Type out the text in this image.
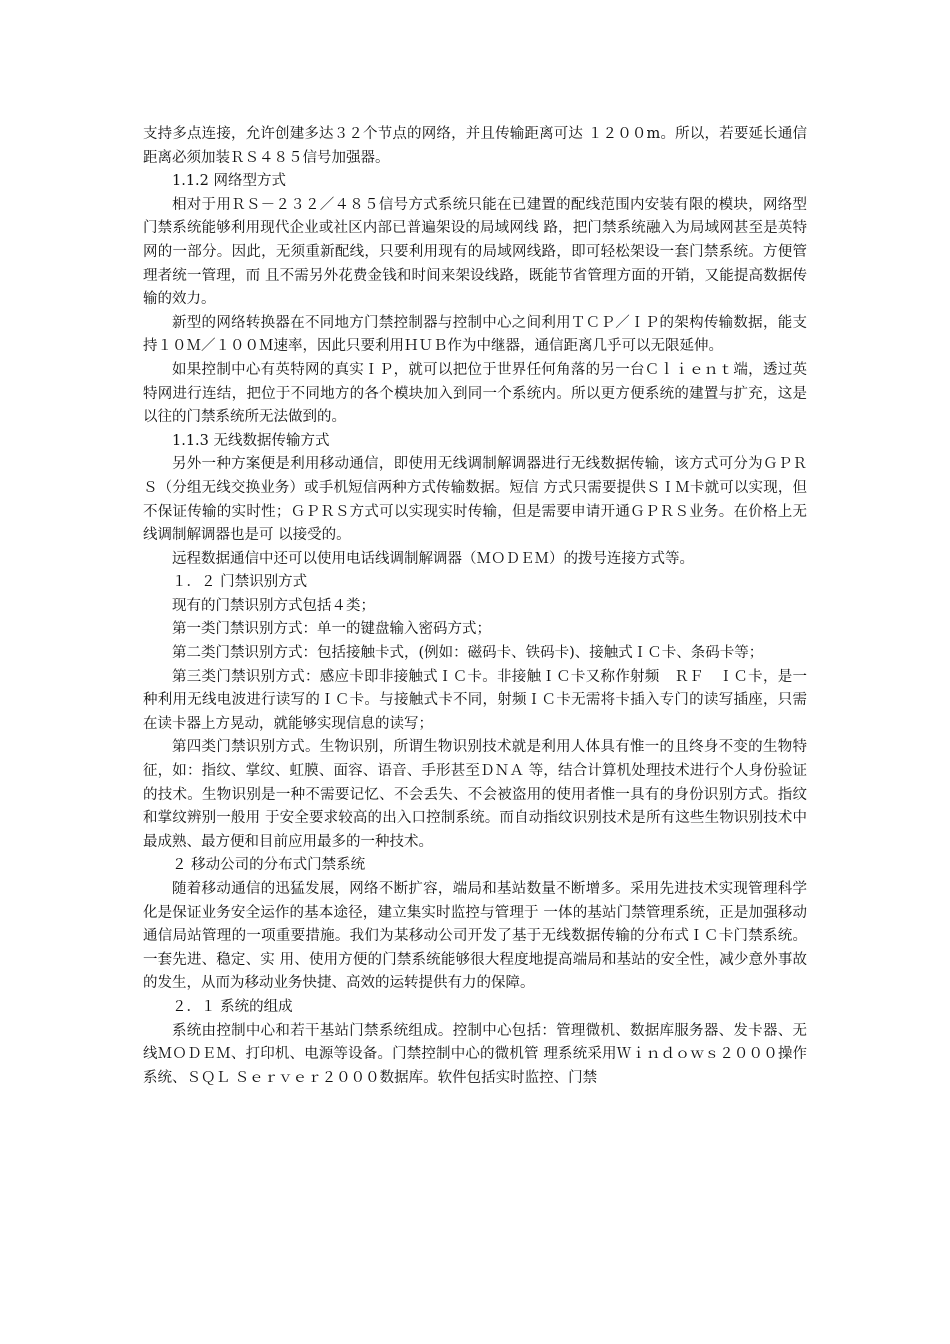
支持多点连接，允许创建多达３２个节点的网络，并且传输距离可达 １２００m。所以，若要延长通信距离必须加装ＲＳ４８５信号加强器。

1.1.2 网络型方式

相对于用ＲＳ－２３２／４８５信号方式系统只能在已建置的配线范围内安装有限的模块，网络型门禁系统能够利用现代企业或社区内部已普遍架设的局域网线 路，把门禁系统融入为局域网甚至是英特网的一部分。因此，无须重新配线，只要利用现有的局域网线路，即可轻松架设一套门禁系统。方便管理者统一管理，而 且不需另外花费金钱和时间来架设线路，既能节省管理方面的开销，又能提高数据传输的效力。

新型的网络转换器在不同地方门禁控制器与控制中心之间利用ＴＣＰ／ＩＰ的架构传输数据，能支持１０Ｍ／１００Ｍ速率，因此只要利用ＨＵＢ作为中继器，通信距离几乎可以无限延伸。

如果控制中心有英特网的真实ＩＰ，就可以把位于世界任何角落的另一台Ｃｌｉｅｎｔ端，透过英特网进行连结，把位于不同地方的各个模块加入到同一个系统内。所以更方便系统的建置与扩充，这是以往的门禁系统所无法做到的。

1.1.3 无线数据传输方式

另外一种方案便是利用移动通信，即使用无线调制解调器进行无线数据传输，该方式可分为ＧＰＲＳ（分组无线交换业务）或手机短信两种方式传输数据。短信 方式只需要提供ＳＩＭ卡就可以实现，但不保证传输的实时性；ＧＰＲＳ方式可以实现实时传输，但是需要申请开通ＧＰＲＳ业务。在价格上无线调制解调器也是可 以接受的。

远程数据通信中还可以使用电话线调制解调器（ＭＯＤＥＭ）的拨号连接方式等。

１．２ 门禁识别方式

现有的门禁识别方式包括４类；

第一类门禁识别方式：单一的键盘输入密码方式；

第二类门禁识别方式：包括接触卡式，(例如：磁码卡、铁码卡)、接触式ＩＣ卡、条码卡等；

第三类门禁识别方式：感应卡即非接触式ＩＣ卡。非接触ＩＣ卡又称作射频　ＲＦ　ＩＣ卡，是一种利用无线电波进行读写的ＩＣ卡。与接触式卡不同，射频ＩＣ卡无需将卡插入专门的读写插座，只需在读卡器上方晃动，就能够实现信息的读写；

第四类门禁识别方式。生物识别，所谓生物识别技术就是利用人体具有惟一的且终身不变的生物特征，如：指纹、掌纹、虹膜、面容、语音、手形甚至ＤＮＡ 等，结合计算机处理技术进行个人身份验证的技术。生物识别是一种不需要记忆、不会丢失、不会被盗用的使用者惟一具有的身份识别方式。指纹和掌纹辨别一般用 于安全要求较高的出入口控制系统。而自动指纹识别技术是所有这些生物识别技术中最成熟、最方便和目前应用最多的一种技术。

２ 移动公司的分布式门禁系统

随着移动通信的迅猛发展，网络不断扩容，端局和基站数量不断增多。采用先进技术实现管理科学化是保证业务安全运作的基本途径，建立集实时监控与管理于 一体的基站门禁管理系统，正是加强移动通信局站管理的一项重要措施。我们为某移动公司开发了基于无线数据传输的分布式ＩＣ卡门禁系统。一套先进、稳定、实 用、使用方便的门禁系统能够很大程度地提高端局和基站的安全性，减少意外事故的发生，从而为移动业务快捷、高效的运转提供有力的保障。

２．１ 系统的组成

系统由控制中心和若干基站门禁系统组成。控制中心包括：管理微机、数据库服务器、发卡器、无线ＭＯＤＥＭ、打印机、电源等设备。门禁控制中心的微机管 理系统采用Ｗｉｎｄｏｗｓ２０００操作系统、ＳＱＬ Ｓｅｒｖｅｒ２０００数据库。软件包括实时监控、门禁
